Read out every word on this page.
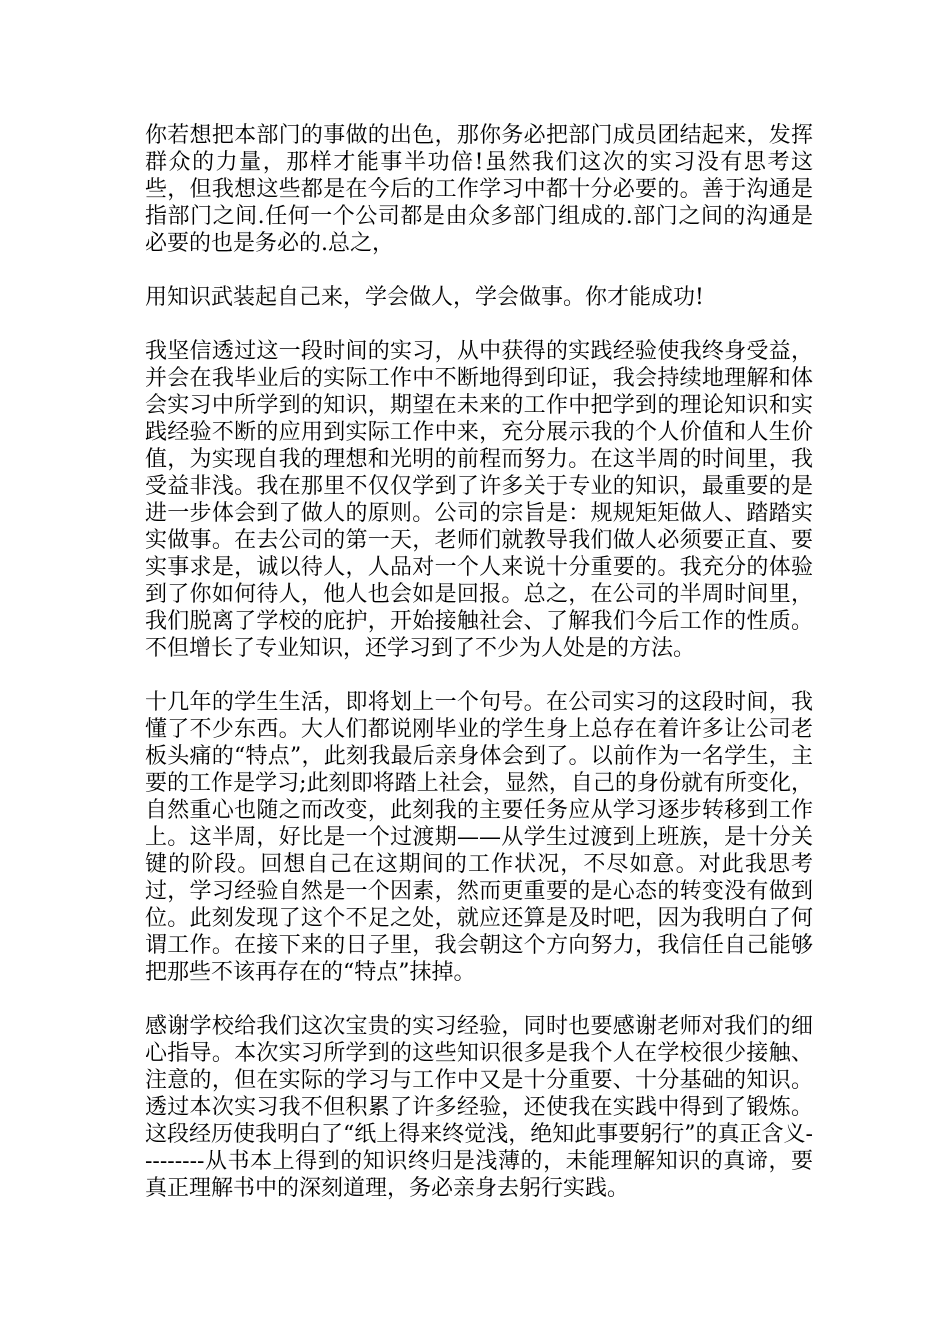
你若想把本部门的事做的出色，那你务必把部门成员团结起来，发挥群众的力量，那样才能事半功倍!虽然我们这次的实习没有思考这些，但我想这些都是在今后的工作学习中都十分必要的。善于沟通是指部门之间.任何一个公司都是由众多部门组成的.部门之间的沟通是必要的也是务必的.总之，

用知识武装起自己来，学会做人，学会做事。你才能成功!

我坚信透过这一段时间的实习，从中获得的实践经验使我终身受益，并会在我毕业后的实际工作中不断地得到印证，我会持续地理解和体会实习中所学到的知识，期望在未来的工作中把学到的理论知识和实践经验不断的应用到实际工作中来，充分展示我的个人价值和人生价值，为实现自我的理想和光明的前程而努力。在这半周的时间里，我受益非浅。我在那里不仅仅学到了许多关于专业的知识，最重要的是进一步体会到了做人的原则。公司的宗旨是：规规矩矩做人、踏踏实实做事。在去公司的第一天，老师们就教导我们做人必须要正直、要实事求是，诚以待人，人品对一个人来说十分重要的。我充分的体验到了你如何待人，他人也会如是回报。总之，在公司的半周时间里，我们脱离了学校的庇护，开始接触社会、了解我们今后工作的性质。不但增长了专业知识，还学习到了不少为人处是的方法。

十几年的学生生活，即将划上一个句号。在公司实习的这段时间，我懂了不少东西。大人们都说刚毕业的学生身上总存在着许多让公司老板头痛的“特点”，此刻我最后亲身体会到了。以前作为一名学生，主要的工作是学习;此刻即将踏上社会，显然，自己的身份就有所变化，自然重心也随之而改变，此刻我的主要任务应从学习逐步转移到工作上。这半周，好比是一个过渡期——从学生过渡到上班族，是十分关键的阶段。回想自己在这期间的工作状况，不尽如意。对此我思考过，学习经验自然是一个因素，然而更重要的是心态的转变没有做到位。此刻发现了这个不足之处，就应还算是及时吧，因为我明白了何谓工作。在接下来的日子里，我会朝这个方向努力，我信任自己能够把那些不该再存在的“特点”抹掉。

感谢学校给我们这次宝贵的实习经验，同时也要感谢老师对我们的细心指导。本次实习所学到的这些知识很多是我个人在学校很少接触、注意的，但在实际的学习与工作中又是十分重要、十分基础的知识。透过本次实习我不但积累了许多经验，还使我在实践中得到了锻炼。这段经历使我明白了“纸上得来终觉浅，绝知此事要躬行”的真正含义---------从书本上得到的知识终归是浅薄的，未能理解知识的真谛，要真正理解书中的深刻道理，务必亲身去躬行实践。
